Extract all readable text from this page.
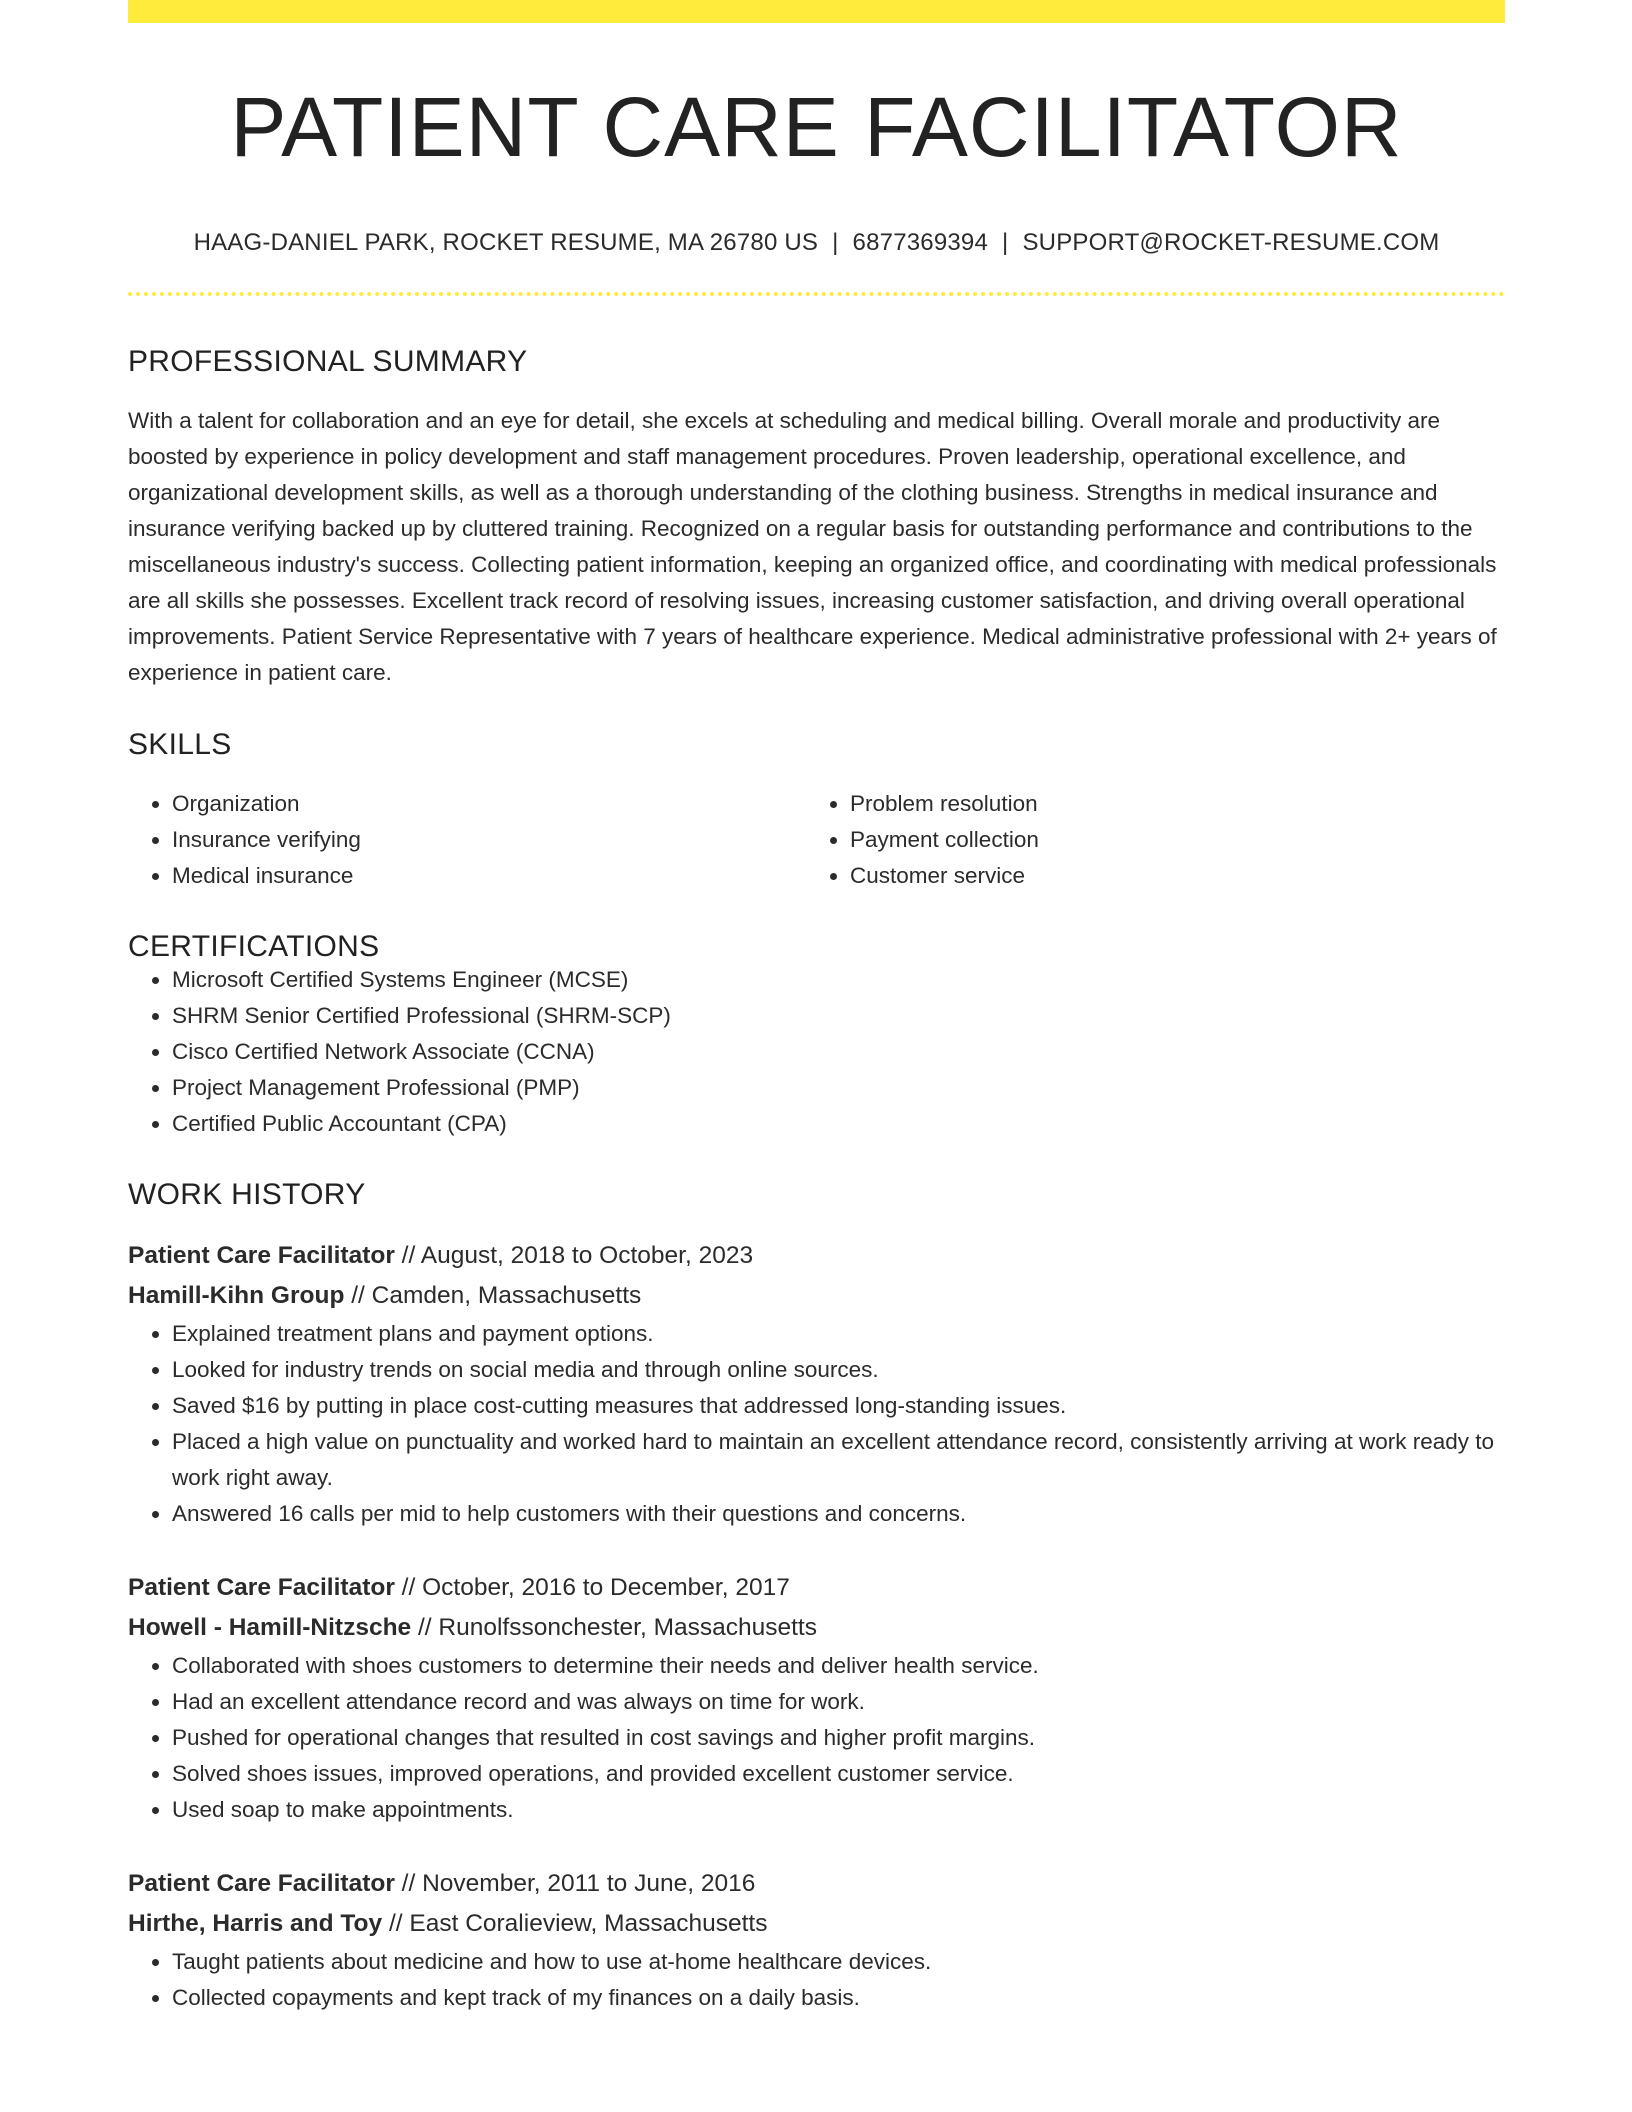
PATIENT CARE FACILITATOR
HAAG-DANIEL PARK, ROCKET RESUME, MA 26780 US | 6877369394 | SUPPORT@ROCKET-RESUME.COM
PROFESSIONAL SUMMARY

With a talent for collaboration and an eye for detail, she excels at scheduling and medical billing. Overall morale and productivity are boosted by experience in policy development and staff management procedures. Proven leadership, operational excellence, and organizational development skills, as well as a thorough understanding of the clothing business. Strengths in medical insurance and insurance verifying backed up by cluttered training. Recognized on a regular basis for outstanding performance and contributions to the miscellaneous industry's success. Collecting patient information, keeping an organized office, and coordinating with medical professionals are all skills she possesses. Excellent track record of resolving issues, increasing customer satisfaction, and driving overall operational improvements. Patient Service Representative with 7 years of healthcare experience. Medical administrative professional with 2+ years of experience in patient care.

SKILLS
• Organization
• Insurance verifying
• Medical insurance
• Problem resolution
• Payment collection
• Customer service
CERTIFICATIONS
• Microsoft Certified Systems Engineer (MCSE)
• SHRM Senior Certified Professional (SHRM-SCP)
• Cisco Certified Network Associate (CCNA)
• Project Management Professional (PMP)
• Certified Public Accountant (CPA)
WORK HISTORY
Patient Care Facilitator // August, 2018 to October, 2023
Hamill-Kihn Group // Camden, Massachusetts
• Explained treatment plans and payment options.
• Looked for industry trends on social media and through online sources.
• Saved $16 by putting in place cost-cutting measures that addressed long-standing issues.
• Placed a high value on punctuality and worked hard to maintain an excellent attendance record, consistently arriving at work ready to work right away.
• Answered 16 calls per mid to help customers with their questions and concerns.
Patient Care Facilitator // October, 2016 to December, 2017
Howell - Hamill-Nitzsche // Runolfssonchester, Massachusetts
• Collaborated with shoes customers to determine their needs and deliver health service.
• Had an excellent attendance record and was always on time for work.
• Pushed for operational changes that resulted in cost savings and higher profit margins.
• Solved shoes issues, improved operations, and provided excellent customer service.
• Used soap to make appointments.
Patient Care Facilitator // November, 2011 to June, 2016
Hirthe, Harris and Toy // East Coralieview, Massachusetts
• Taught patients about medicine and how to use at-home healthcare devices.
• Collected copayments and kept track of my finances on a daily basis.
